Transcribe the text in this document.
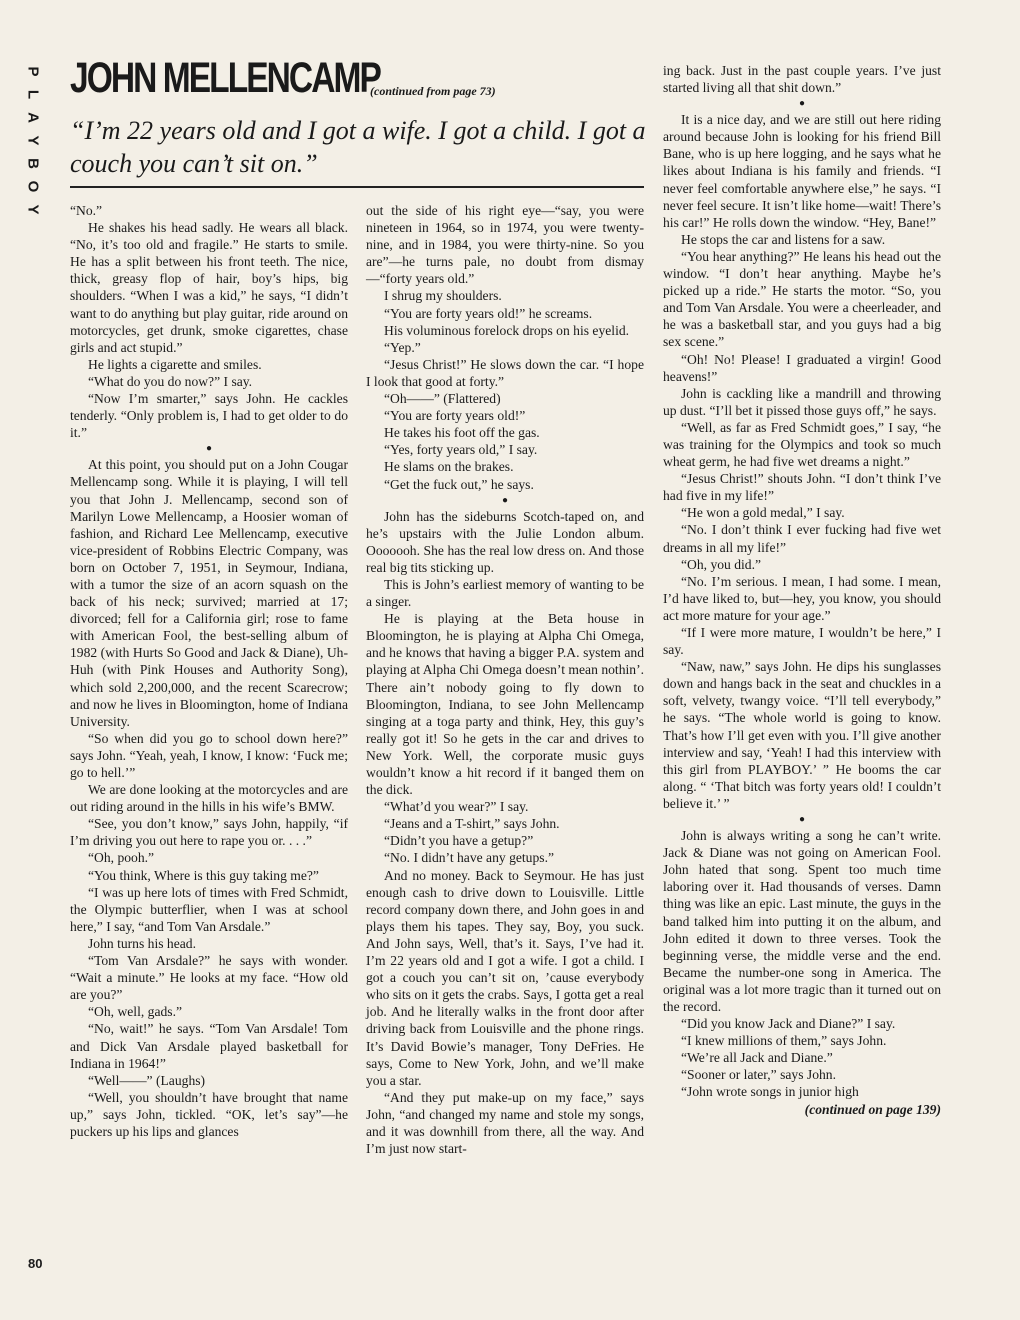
P
L
A
Y
B
O
Y
JOHN MELLENCAMP
(continued from page 73)
“I’m 22 years old and I got a wife. I got a child. I got a couch you can’t sit on.”

“No.”

He shakes his head sadly. He wears all black. “No, it’s too old and fragile.” He starts to smile. He has a split between his front teeth. The nice, thick, greasy flop of hair, boy’s hips, big shoulders. “When I was a kid,” he says, “I didn’t want to do anything but play guitar, ride around on motorcycles, get drunk, smoke cigarettes, chase girls and act stupid.”

He lights a cigarette and smiles.

“What do you do now?” I say.

“Now I’m smarter,” says John. He cackles tenderly. “Only problem is, I had to get older to do it.”

●

At this point, you should put on a John Cougar Mellencamp song. While it is playing, I will tell you that John J. Mellencamp, second son of Marilyn Lowe Mellencamp, a Hoosier woman of fashion, and Richard Lee Mellencamp, executive vice-president of Robbins Electric Company, was born on October 7, 1951, in Seymour, Indiana, with a tumor the size of an acorn squash on the back of his neck; survived; married at 17; divorced; fell for a California girl; rose to fame with American Fool, the best-selling album of 1982 (with Hurts So Good and Jack & Diane), Uh-Huh (with Pink Houses and Authority Song), which sold 2,200,000, and the recent Scarecrow; and now he lives in Bloomington, home of Indiana University.

“So when did you go to school down here?” says John. “Yeah, yeah, I know, I know: ‘Fuck me; go to hell.’”

We are done looking at the motorcycles and are out riding around in the hills in his wife’s BMW.

“See, you don’t know,” says John, happily, “if I’m driving you out here to rape you or. . . .”

“Oh, pooh.”

“You think, Where is this guy taking me?”

“I was up here lots of times with Fred Schmidt, the Olympic butterflier, when I was at school here,” I say, “and Tom Van Arsdale.”

John turns his head.

“Tom Van Arsdale?” he says with wonder. “Wait a minute.” He looks at my face. “How old are you?”

“Oh, well, gads.”

“No, wait!” he says. “Tom Van Arsdale! Tom and Dick Van Arsdale played basketball for Indiana in 1964!”

“Well——” (Laughs)

“Well, you shouldn’t have brought that name up,” says John, tickled. “OK, let’s say”—he puckers up his lips and glances

out the side of his right eye—“say, you were nineteen in 1964, so in 1974, you were twenty-nine, and in 1984, you were thirty-nine. So you are”—he turns pale, no doubt from dismay—“forty years old.”

I shrug my shoulders.

“You are forty years old!” he screams.

His voluminous forelock drops on his eyelid.

“Yep.”

“Jesus Christ!” He slows down the car. “I hope I look that good at forty.”

“Oh——” (Flattered)

“You are forty years old!”

He takes his foot off the gas.

“Yes, forty years old,” I say.

He slams on the brakes.

“Get the fuck out,” he says.

●

John has the sideburns Scotch-taped on, and he’s upstairs with the Julie London album. Ooooooh. She has the real low dress on. And those real big tits sticking up.

This is John’s earliest memory of wanting to be a singer.

He is playing at the Beta house in Bloomington, he is playing at Alpha Chi Omega, and he knows that having a bigger P.A. system and playing at Alpha Chi Omega doesn’t mean nothin’. There ain’t nobody going to fly down to Bloomington, Indiana, to see John Mellencamp singing at a toga party and think, Hey, this guy’s really got it! So he gets in the car and drives to New York. Well, the corporate music guys wouldn’t know a hit record if it banged them on the dick.

“What’d you wear?” I say.

“Jeans and a T-shirt,” says John.

“Didn’t you have a getup?”

“No. I didn’t have any getups.”

And no money. Back to Seymour. He has just enough cash to drive down to Louisville. Little record company down there, and John goes in and plays them his tapes. They say, Boy, you suck. And John says, Well, that’s it. Says, I’ve had it. I’m 22 years old and I got a wife. I got a child. I got a couch you can’t sit on, ’cause everybody who sits on it gets the crabs. Says, I gotta get a real job. And he literally walks in the front door after driving back from Louisville and the phone rings. It’s David Bowie’s manager, Tony DeFries. He says, Come to New York, John, and we’ll make you a star.

“And they put make-up on my face,” says John, “and changed my name and stole my songs, and it was downhill from there, all the way. And I’m just now start-

ing back. Just in the past couple years. I’ve just started living all that shit down.”

●

It is a nice day, and we are still out here riding around because John is looking for his friend Bill Bane, who is up here logging, and he says what he likes about Indiana is his family and friends. “I never feel comfortable anywhere else,” he says. “I never feel secure. It isn’t like home—wait! There’s his car!” He rolls down the window. “Hey, Bane!”

He stops the car and listens for a saw.

“You hear anything?” He leans his head out the window. “I don’t hear anything. Maybe he’s picked up a ride.” He starts the motor. “So, you and Tom Van Arsdale. You were a cheerleader, and he was a basketball star, and you guys had a big sex scene.”

“Oh! No! Please! I graduated a virgin! Good heavens!”

John is cackling like a mandrill and throwing up dust. “I’ll bet it pissed those guys off,” he says.

“Well, as far as Fred Schmidt goes,” I say, “he was training for the Olympics and took so much wheat germ, he had five wet dreams a night.”

“Jesus Christ!” shouts John. “I don’t think I’ve had five in my life!”

“He won a gold medal,” I say.

“No. I don’t think I ever fucking had five wet dreams in all my life!”

“Oh, you did.”

“No. I’m serious. I mean, I had some. I mean, I’d have liked to, but—hey, you know, you should act more mature for your age.”

“If I were more mature, I wouldn’t be here,” I say.

“Naw, naw,” says John. He dips his sunglasses down and hangs back in the seat and chuckles in a soft, velvety, twangy voice. “I’ll tell everybody,” he says. “The whole world is going to know. That’s how I’ll get even with you. I’ll give another interview and say, ‘Yeah! I had this interview with this girl from PLAYBOY.’ ” He booms the car along. “ ‘That bitch was forty years old! I couldn’t believe it.’ ”

●

John is always writing a song he can’t write. Jack & Diane was not going on American Fool. John hated that song. Spent too much time laboring over it. Had thousands of verses. Damn thing was like an epic. Last minute, the guys in the band talked him into putting it on the album, and John edited it down to three verses. Took the beginning verse, the middle verse and the end. Became the number-one song in America. The original was a lot more tragic than it turned out on the record.

“Did you know Jack and Diane?” I say.

“I knew millions of them,” says John.

“We’re all Jack and Diane.”

“Sooner or later,” says John.

“John wrote songs in junior high

(continued on page 139)
80
